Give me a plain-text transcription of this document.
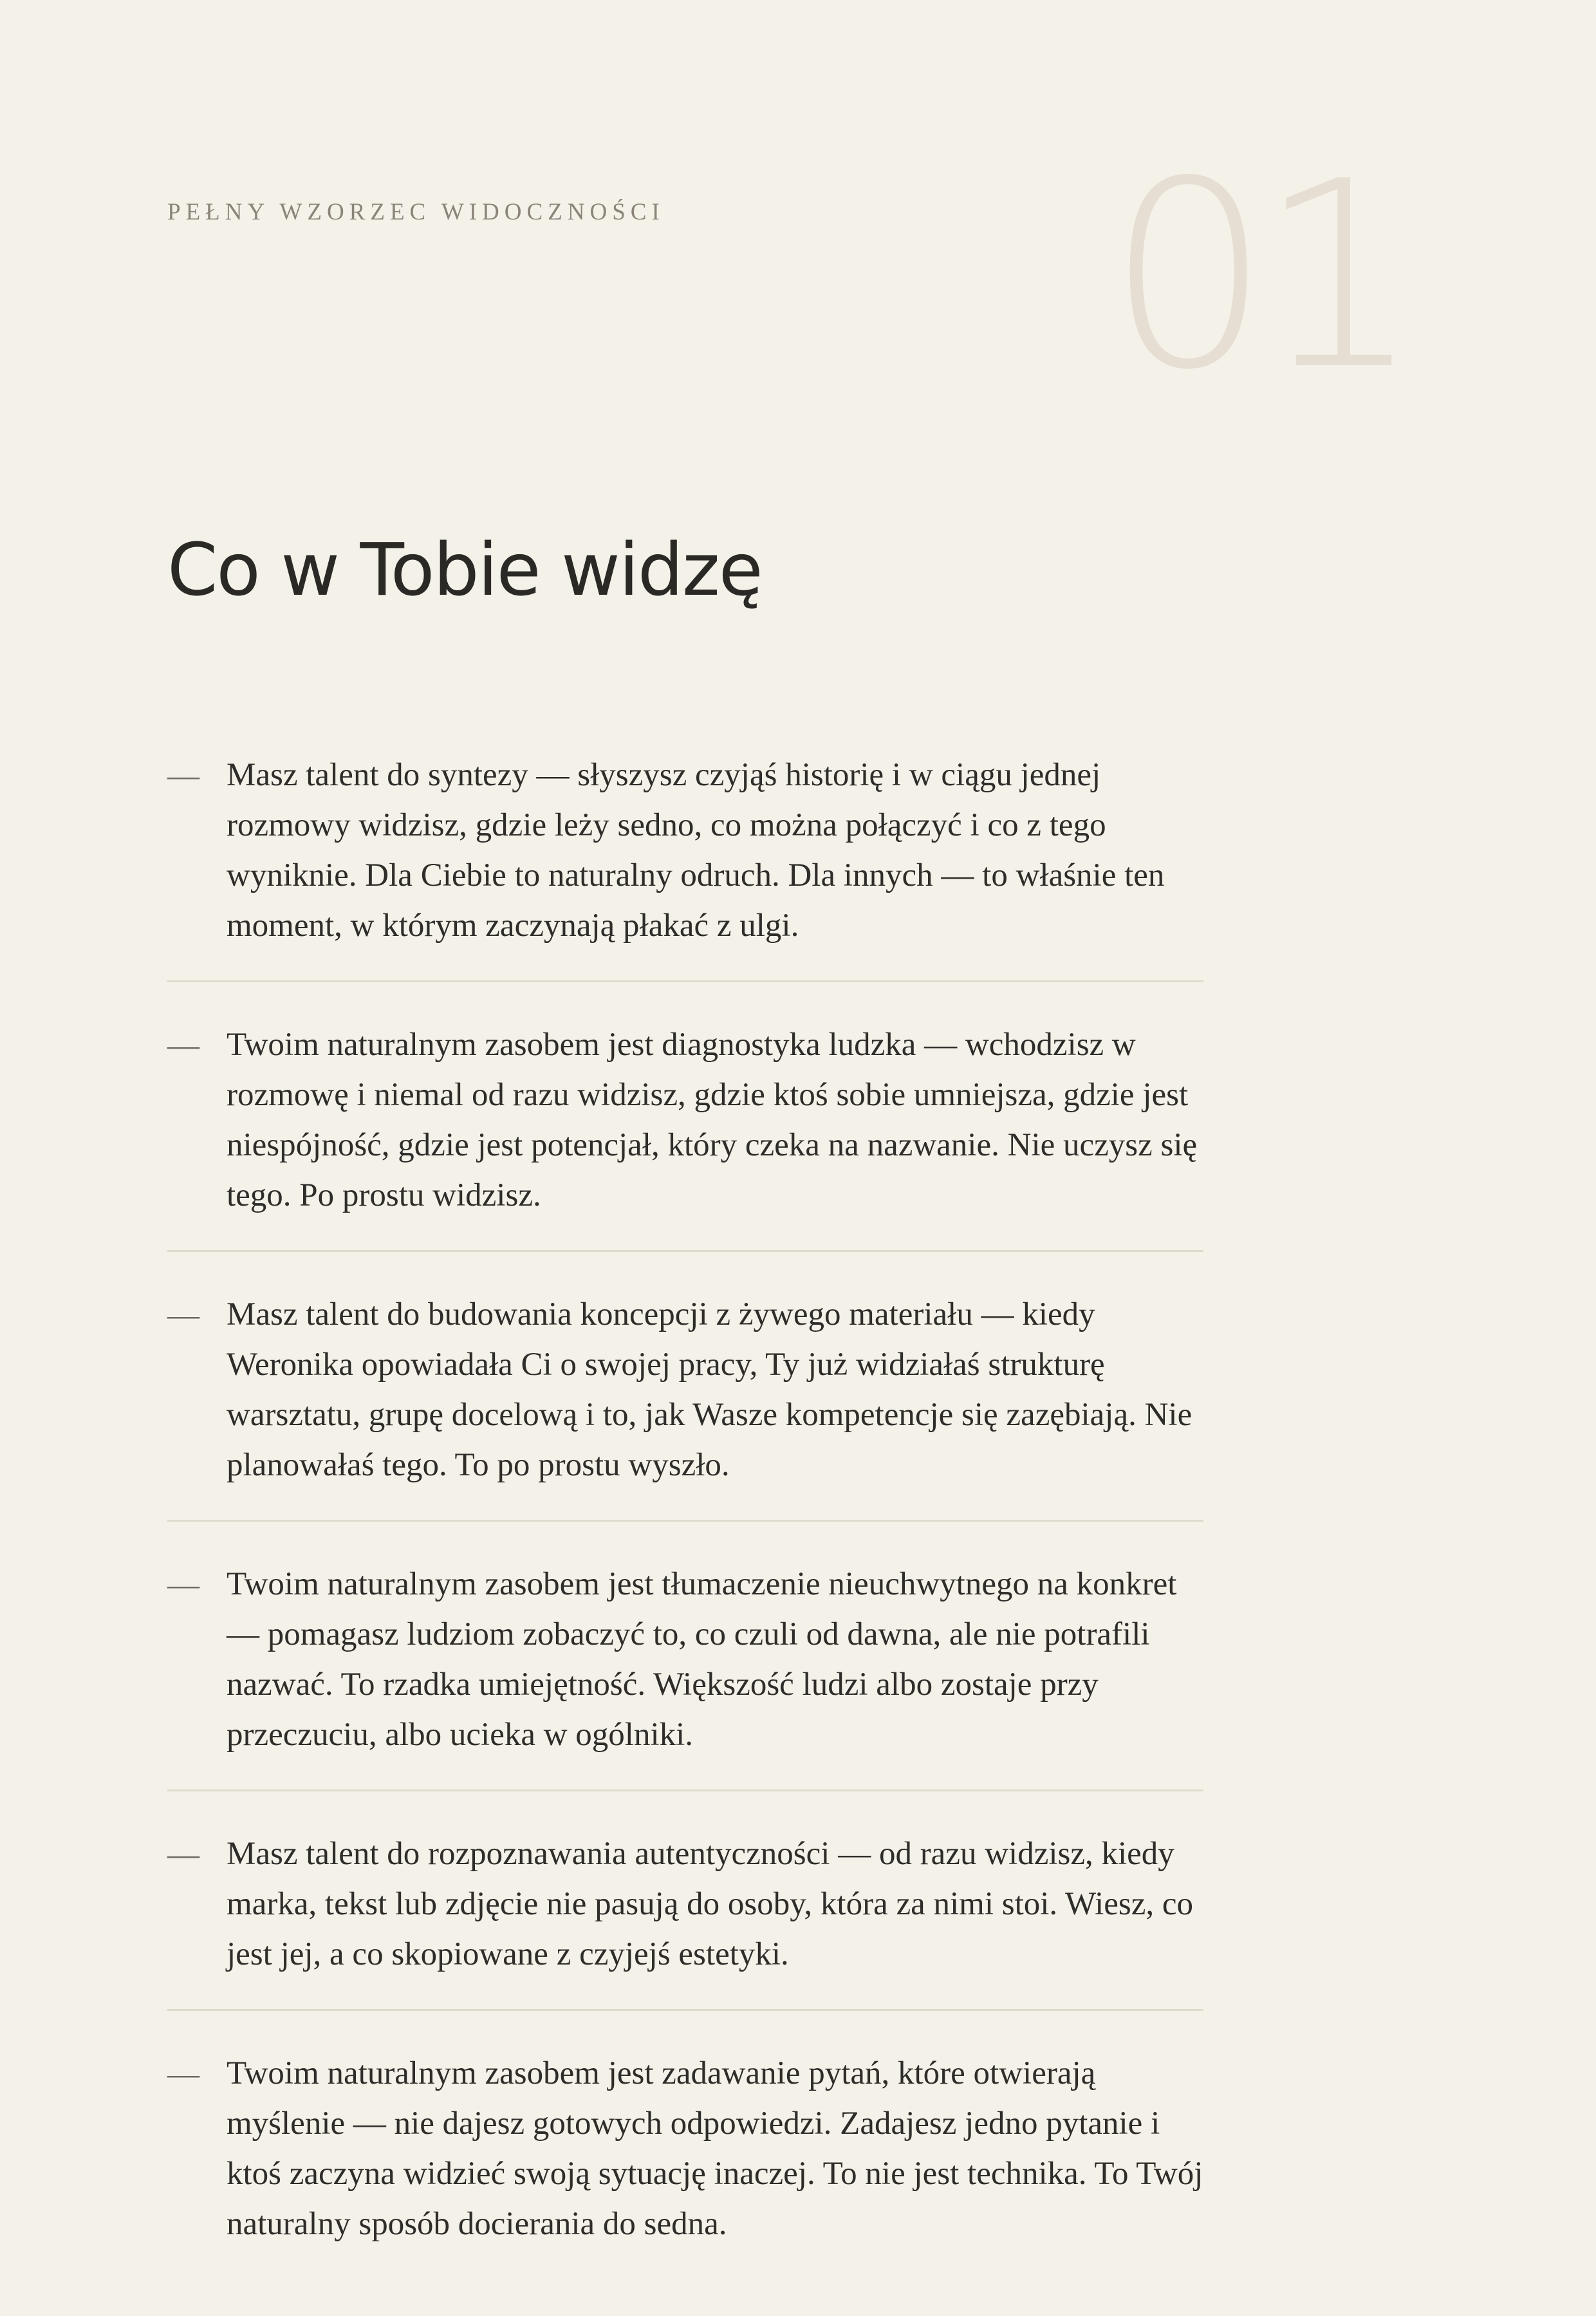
PEŁNY WZORZEC WIDOCZNOŚCI 01

Co w Tobie widzę
— Masz talent do syntezy — słyszysz czyjąś historię i w ciągu jednej rozmowy widzisz, gdzie leży sedno, co można połączyć i co z tego wyniknie. Dla Ciebie to naturalny odruch. Dla innych — to właśnie ten moment, w którym zaczynają płakać z ulgi.
— Twoim naturalnym zasobem jest diagnostyka ludzka — wchodzisz w rozmowę i niemal od razu widzisz, gdzie ktoś sobie umniejsza, gdzie jest niespójność, gdzie jest potencjał, który czeka na nazwanie. Nie uczysz się tego. Po prostu widzisz.
— Masz talent do budowania koncepcji z żywego materiału — kiedy Weronika opowiadała Ci o swojej pracy, Ty już widziałaś strukturę warsztatu, grupę docelową i to, jak Wasze kompetencje się zazębiają. Nie planowałaś tego. To po prostu wyszło.
— Twoim naturalnym zasobem jest tłumaczenie nieuchwytnego na konkret — pomagasz ludziom zobaczyć to, co czuli od dawna, ale nie potrafili nazwać. To rzadka umiejętność. Większość ludzi albo zostaje przy przeczuciu, albo ucieka w ogólniki.
— Masz talent do rozpoznawania autentyczności — od razu widzisz, kiedy marka, tekst lub zdjęcie nie pasują do osoby, która za nimi stoi. Wiesz, co jest jej, a co skopiowane z czyjejś estetyki.
— Twoim naturalnym zasobem jest zadawanie pytań, które otwierają myślenie — nie dajesz gotowych odpowiedzi. Zadajesz jedno pytanie i ktoś zaczyna widzieć swoją sytuację inaczej. To nie jest technika. To Twój naturalny sposób docierania do sedna.
